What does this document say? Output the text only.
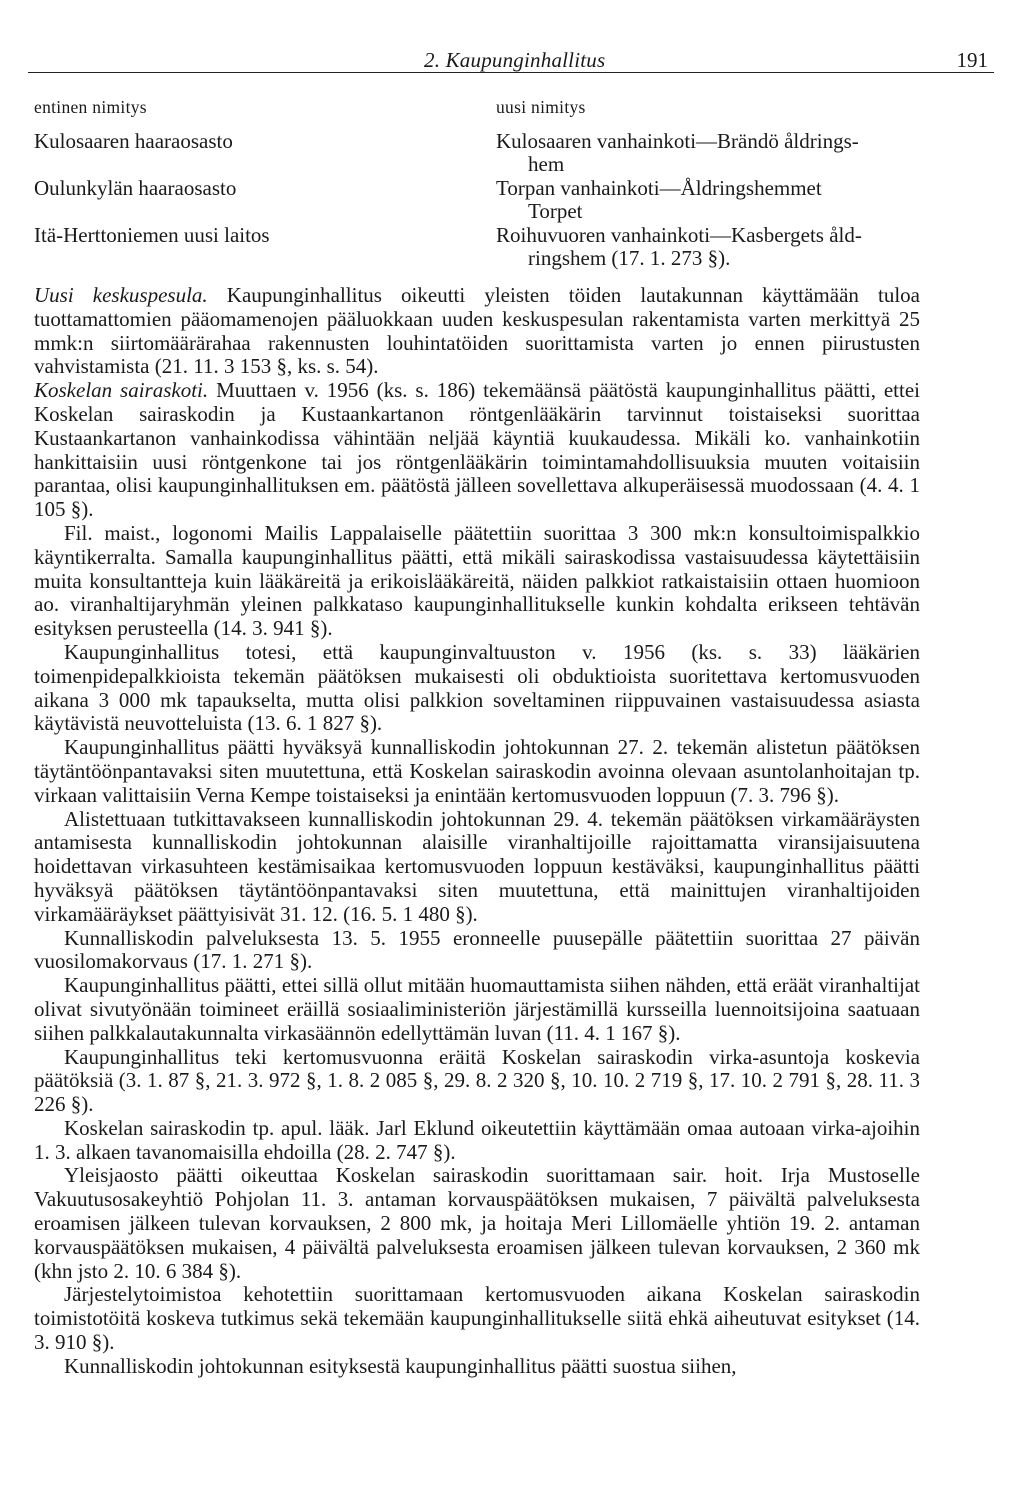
2. Kaupunginhallitus	191
entinen nimitys	uusi nimitys
Kulosaaren haaraosasto	Kulosaaren vanhainkoti—Brändö åldrings-
hem
Oulunkylän haaraosasto	Torpan vanhainkoti—Åldringshemmet
Torpet
Itä-Herttoniemen uusi laitos	Roihuvuoren vanhainkoti—Kasbergets åld-
ringshem (17. 1. 273 §).

Uusi keskuspesula. Kaupunginhallitus oikeutti yleisten töiden lautakunnan käyttämään tuloa tuottamattomien pääomamenojen pääluokkaan uuden keskuspesulan rakentamista varten merkittyä 25 mmk:n siirtomäärärahaa rakennusten louhintatöiden suorittamista varten jo ennen piirustusten vahvistamista (21. 11. 3 153 §, ks. s. 54).

Koskelan sairaskoti. Muuttaen v. 1956 (ks. s. 186) tekemäänsä päätöstä kaupunginhallitus päätti, ettei Koskelan sairaskodin ja Kustaankartanon röntgenlääkärin tarvinnut toistaiseksi suorittaa Kustaankartanon vanhainkodissa vähintään neljää käyntiä kuukaudessa. Mikäli ko. vanhainkotiin hankittaisiin uusi röntgenkone tai jos röntgenlääkärin toimintamahdollisuuksia muuten voitaisiin parantaa, olisi kaupunginhallituksen em. päätöstä jälleen sovellettava alkuperäisessä muodossaan (4. 4. 1 105 §).

Fil. maist., logonomi Mailis Lappalaiselle päätettiin suorittaa 3 300 mk:n konsultoimispalkkio käyntikerralta. Samalla kaupunginhallitus päätti, että mikäli sairaskodissa vastaisuudessa käytettäisiin muita konsultantteja kuin lääkäreitä ja erikoislääkäreitä, näiden palkkiot ratkaistaisiin ottaen huomioon ao. viranhaltijaryhmän yleinen palkkataso kaupunginhallitukselle kunkin kohdalta erikseen tehtävän esityksen perusteella (14. 3. 941 §).

Kaupunginhallitus totesi, että kaupunginvaltuuston v. 1956 (ks. s. 33) lääkärien toimenpidepalkkioista tekemän päätöksen mukaisesti oli obduktioista suoritettava kertomusvuoden aikana 3 000 mk tapaukselta, mutta olisi palkkion soveltaminen riippuvainen vastaisuudessa asiasta käytävistä neuvotteluista (13. 6. 1 827 §).

Kaupunginhallitus päätti hyväksyä kunnalliskodin johtokunnan 27. 2. tekemän alistetun päätöksen täytäntöönpantavaksi siten muutettuna, että Koskelan sairaskodin avoinna olevaan asuntolanhoitajan tp. virkaan valittaisiin Verna Kempe toistaiseksi ja enintään kertomusvuoden loppuun (7. 3. 796 §).

Alistettuaan tutkittavakseen kunnalliskodin johtokunnan 29. 4. tekemän päätöksen virkamääräysten antamisesta kunnalliskodin johtokunnan alaisille viranhaltijoille rajoittamatta viransijaisuutena hoidettavan virkasuhteen kestämisaikaa kertomusvuoden loppuun kestäväksi, kaupunginhallitus päätti hyväksyä päätöksen täytäntöönpantavaksi siten muutettuna, että mainittujen viranhaltijoiden virkamääräykset päättyisivät 31. 12. (16. 5. 1 480 §).

Kunnalliskodin palveluksesta 13. 5. 1955 eronneelle puusepälle päätettiin suorittaa 27 päivän vuosilomakorvaus (17. 1. 271 §).

Kaupunginhallitus päätti, ettei sillä ollut mitään huomauttamista siihen nähden, että eräät viranhaltijat olivat sivutyönään toimineet eräillä sosiaaliministeriön järjestämillä kursseilla luennoitsijoina saatuaan siihen palkkalautakunnalta virkasäännön edellyttämän luvan (11. 4. 1 167 §).

Kaupunginhallitus teki kertomusvuonna eräitä Koskelan sairaskodin virka-asuntoja koskevia päätöksiä (3. 1. 87 §, 21. 3. 972 §, 1. 8. 2 085 §, 29. 8. 2 320 §, 10. 10. 2 719 §, 17. 10. 2 791 §, 28. 11. 3 226 §).

Koskelan sairaskodin tp. apul. lääk. Jarl Eklund oikeutettiin käyttämään omaa autoaan virka-ajoihin 1. 3. alkaen tavanomaisilla ehdoilla (28. 2. 747 §).

Yleisjaosto päätti oikeuttaa Koskelan sairaskodin suorittamaan sair. hoit. Irja Mustoselle Vakuutusosakeyhtiö Pohjolan 11. 3. antaman korvauspäätöksen mukaisen, 7 päivältä palveluksesta eroamisen jälkeen tulevan korvauksen, 2 800 mk, ja hoitaja Meri Lillomäelle yhtiön 19. 2. antaman korvauspäätöksen mukaisen, 4 päivältä palveluksesta eroamisen jälkeen tulevan korvauksen, 2 360 mk (khn jsto 2. 10. 6 384 §).

Järjestelytoimistoa kehotettiin suorittamaan kertomusvuoden aikana Koskelan sairaskodin toimistotöitä koskeva tutkimus sekä tekemään kaupunginhallitukselle siitä ehkä aiheutuvat esitykset (14. 3. 910 §).

Kunnalliskodin johtokunnan esityksestä kaupunginhallitus päätti suostua siihen,
